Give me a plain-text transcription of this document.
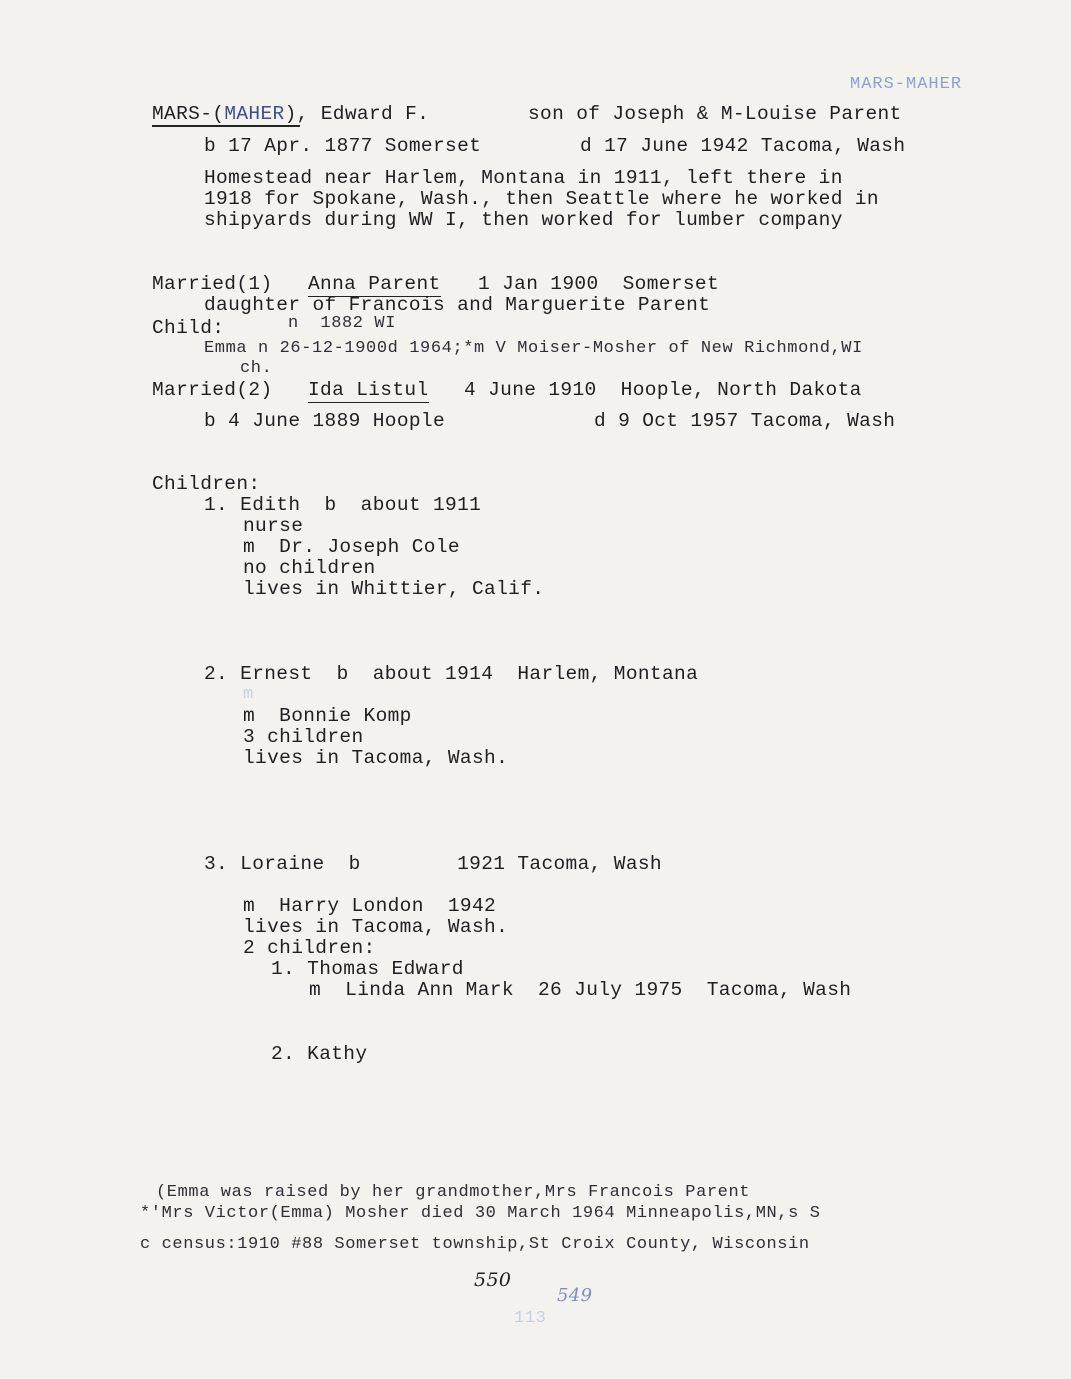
MARS-MAHER
MARS-(MAHER), Edward F.	son of Joseph & M-Louise Parent
b 17 Apr. 1877 Somerset	d 17 June 1942 Tacoma, Wash
Homestead near Harlem, Montana in 1911, left there in
1918 for Spokane, Wash., then Seattle where he worked in
shipyards during WW I, then worked for lumber company
Married(1) Anna Parent 1 Jan 1900  Somerset
daughter of Francois and Marguerite Parent
Child:	n  1882 WI
Emma n 26-12-1900d 1964;*m V Moiser-Mosher of New Richmond,WI
ch.
Married(2) Ida Listul 4 June 1910  Hoople, North Dakota
b 4 June 1889 Hoople	d 9 Oct 1957 Tacoma, Wash
Children:
1. Edith  b  about 1911
nurse
m  Dr. Joseph Cole
no children
lives in Whittier, Calif.
2. Ernest  b  about 1914  Harlem, Montana
m
m  Bonnie Komp
3 children
lives in Tacoma, Wash.
3. Loraine  b        1921 Tacoma, Wash
m  Harry London  1942
lives in Tacoma, Wash.
2 children:
1. Thomas Edward
m  Linda Ann Mark  26 July 1975  Tacoma, Wash
2. Kathy
(Emma was raised by her grandmother,Mrs Francois Parent
*'Mrs Victor(Emma) Mosher died 30 March 1964 Minneapolis,MN,s S
c census:1910 #88 Somerset township,St Croix County, Wisconsin
550
549
113
